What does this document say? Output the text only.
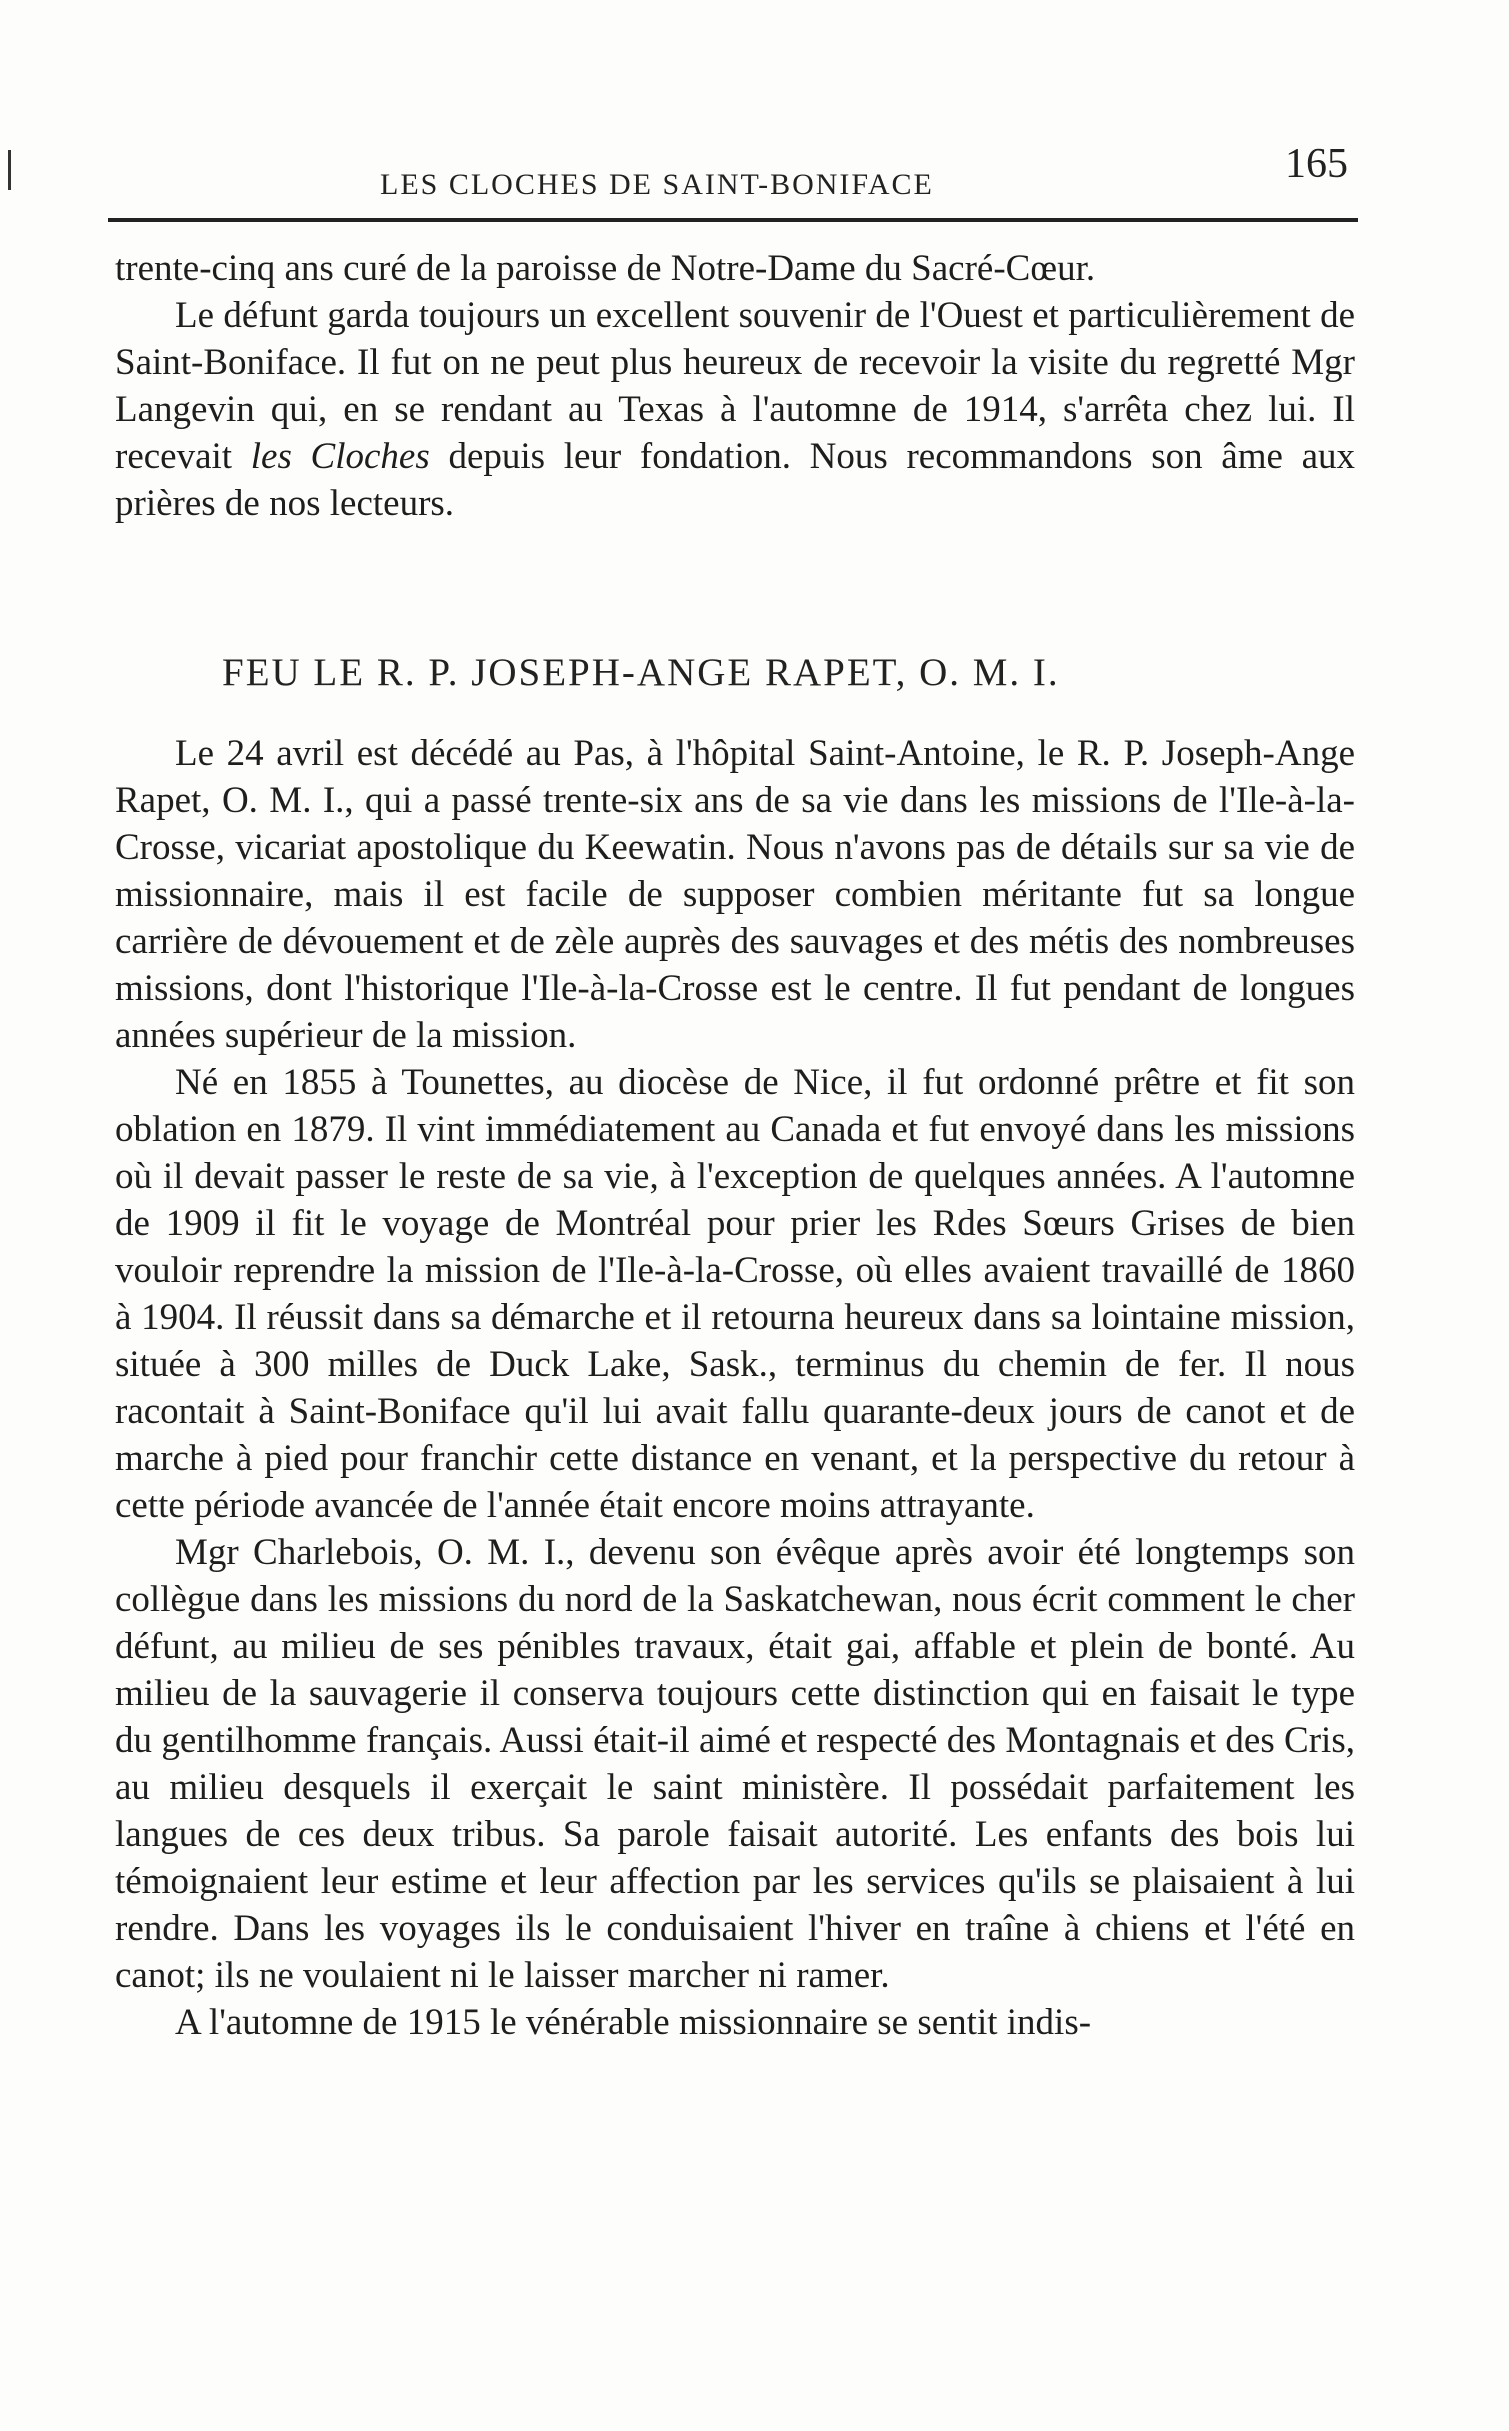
LES CLOCHES DE SAINT-BONIFACE	165

trente-cinq ans curé de la paroisse de Notre-Dame du Sacré-Cœur.

Le défunt garda toujours un excellent souvenir de l'Ouest et particulièrement de Saint-Boniface. Il fut on ne peut plus heureux de recevoir la visite du regretté Mgr Langevin qui, en se rendant au Texas à l'automne de 1914, s'arrêta chez lui. Il recevait les Cloches depuis leur fondation. Nous recommandons son âme aux prières de nos lecteurs.

FEU LE R. P. JOSEPH-ANGE RAPET, O. M. I.

Le 24 avril est décédé au Pas, à l'hôpital Saint-Antoine, le R. P. Joseph-Ange Rapet, O. M. I., qui a passé trente-six ans de sa vie dans les missions de l'Ile-à-la-Crosse, vicariat apostolique du Keewatin. Nous n'avons pas de détails sur sa vie de missionnaire, mais il est facile de supposer combien méritante fut sa longue carrière de dévouement et de zèle auprès des sauvages et des métis des nombreuses missions, dont l'historique l'Ile-à-la-Crosse est le centre. Il fut pendant de longues années supérieur de la mission.

Né en 1855 à Tounettes, au diocèse de Nice, il fut ordonné prêtre et fit son oblation en 1879. Il vint immédiatement au Canada et fut envoyé dans les missions où il devait passer le reste de sa vie, à l'exception de quelques années. A l'automne de 1909 il fit le voyage de Montréal pour prier les Rdes Sœurs Grises de bien vouloir reprendre la mission de l'Ile-à-la-Crosse, où elles avaient travaillé de 1860 à 1904. Il réussit dans sa démarche et il retourna heureux dans sa lointaine mission, située à 300 milles de Duck Lake, Sask., terminus du chemin de fer. Il nous racontait à Saint-Boniface qu'il lui avait fallu quarante-deux jours de canot et de marche à pied pour franchir cette distance en venant, et la perspective du retour à cette période avancée de l'année était encore moins attrayante.

Mgr Charlebois, O. M. I., devenu son évêque après avoir été longtemps son collègue dans les missions du nord de la Saskatchewan, nous écrit comment le cher défunt, au milieu de ses pénibles travaux, était gai, affable et plein de bonté. Au milieu de la sauvagerie il conserva toujours cette distinction qui en faisait le type du gentilhomme français. Aussi était-il aimé et respecté des Montagnais et des Cris, au milieu desquels il exerçait le saint ministère. Il possédait parfaitement les langues de ces deux tribus. Sa parole faisait autorité. Les enfants des bois lui témoignaient leur estime et leur affection par les services qu'ils se plaisaient à lui rendre. Dans les voyages ils le conduisaient l'hiver en traîne à chiens et l'été en canot; ils ne voulaient ni le laisser marcher ni ramer.

A l'automne de 1915 le vénérable missionnaire se sentit indis-
